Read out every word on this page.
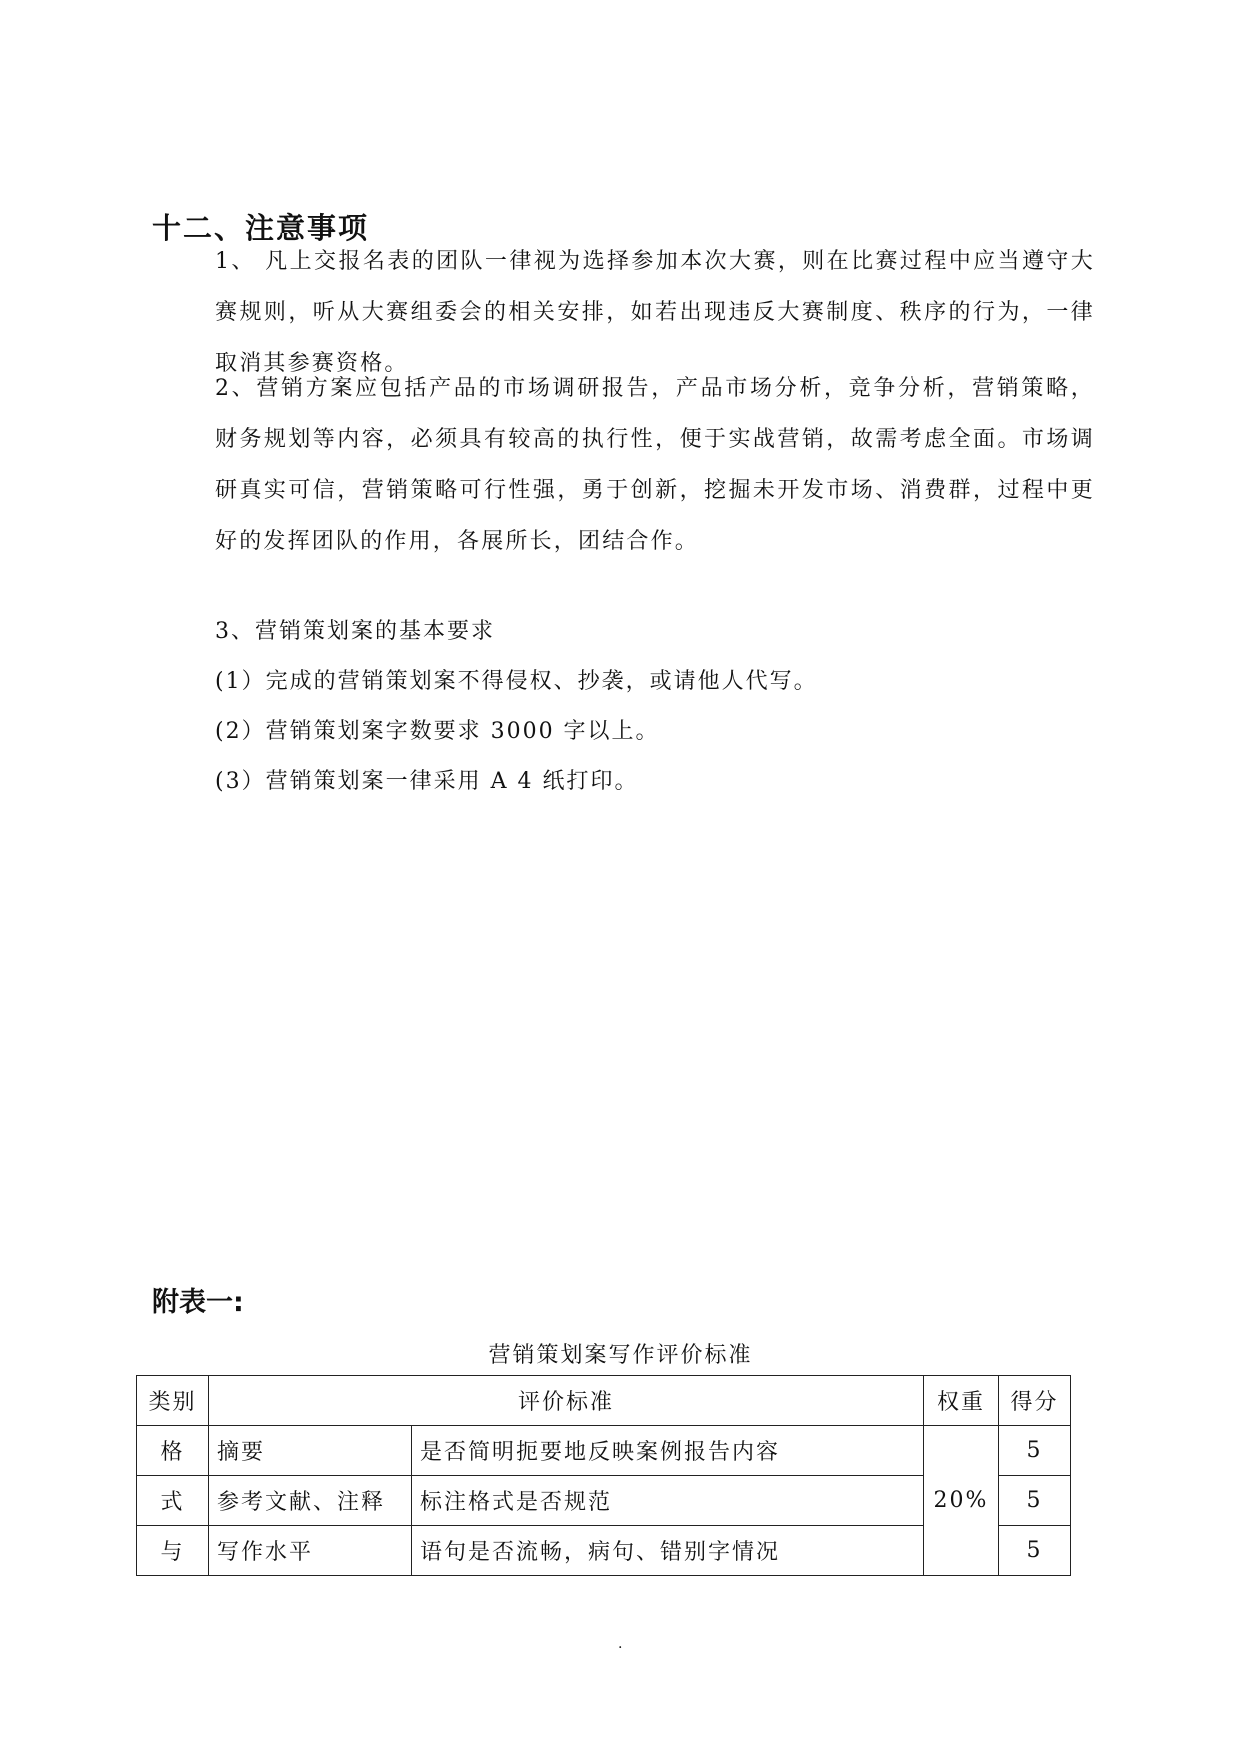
十二、注意事项

1、 凡上交报名表的团队一律视为选择参加本次大赛，则在比赛过程中应当遵守大赛规则，听从大赛组委会的相关安排，如若出现违反大赛制度、秩序的行为，一律取消其参赛资格。

2、营销方案应包括产品的市场调研报告，产品市场分析，竞争分析，营销策略，财务规划等内容，必须具有较高的执行性，便于实战营销，故需考虑全面。市场调研真实可信，营销策略可行性强，勇于创新，挖掘未开发市场、消费群，过程中更好的发挥团队的作用，各展所长，团结合作。

3、营销策划案的基本要求

(1）完成的营销策划案不得侵权、抄袭，或请他人代写。

(2）营销策划案字数要求 3000 字以上。

(3）营销策划案一律采用 A 4 纸打印。

附表一:

营销策划案写作评价标准

类别	评价标准		权重	得分
格	摘要	是否简明扼要地反映案例报告内容	20%	5
式	参考文献、注释	标注格式是否规范		5
与	写作水平	语句是否流畅，病句、错别字情况		5
.
